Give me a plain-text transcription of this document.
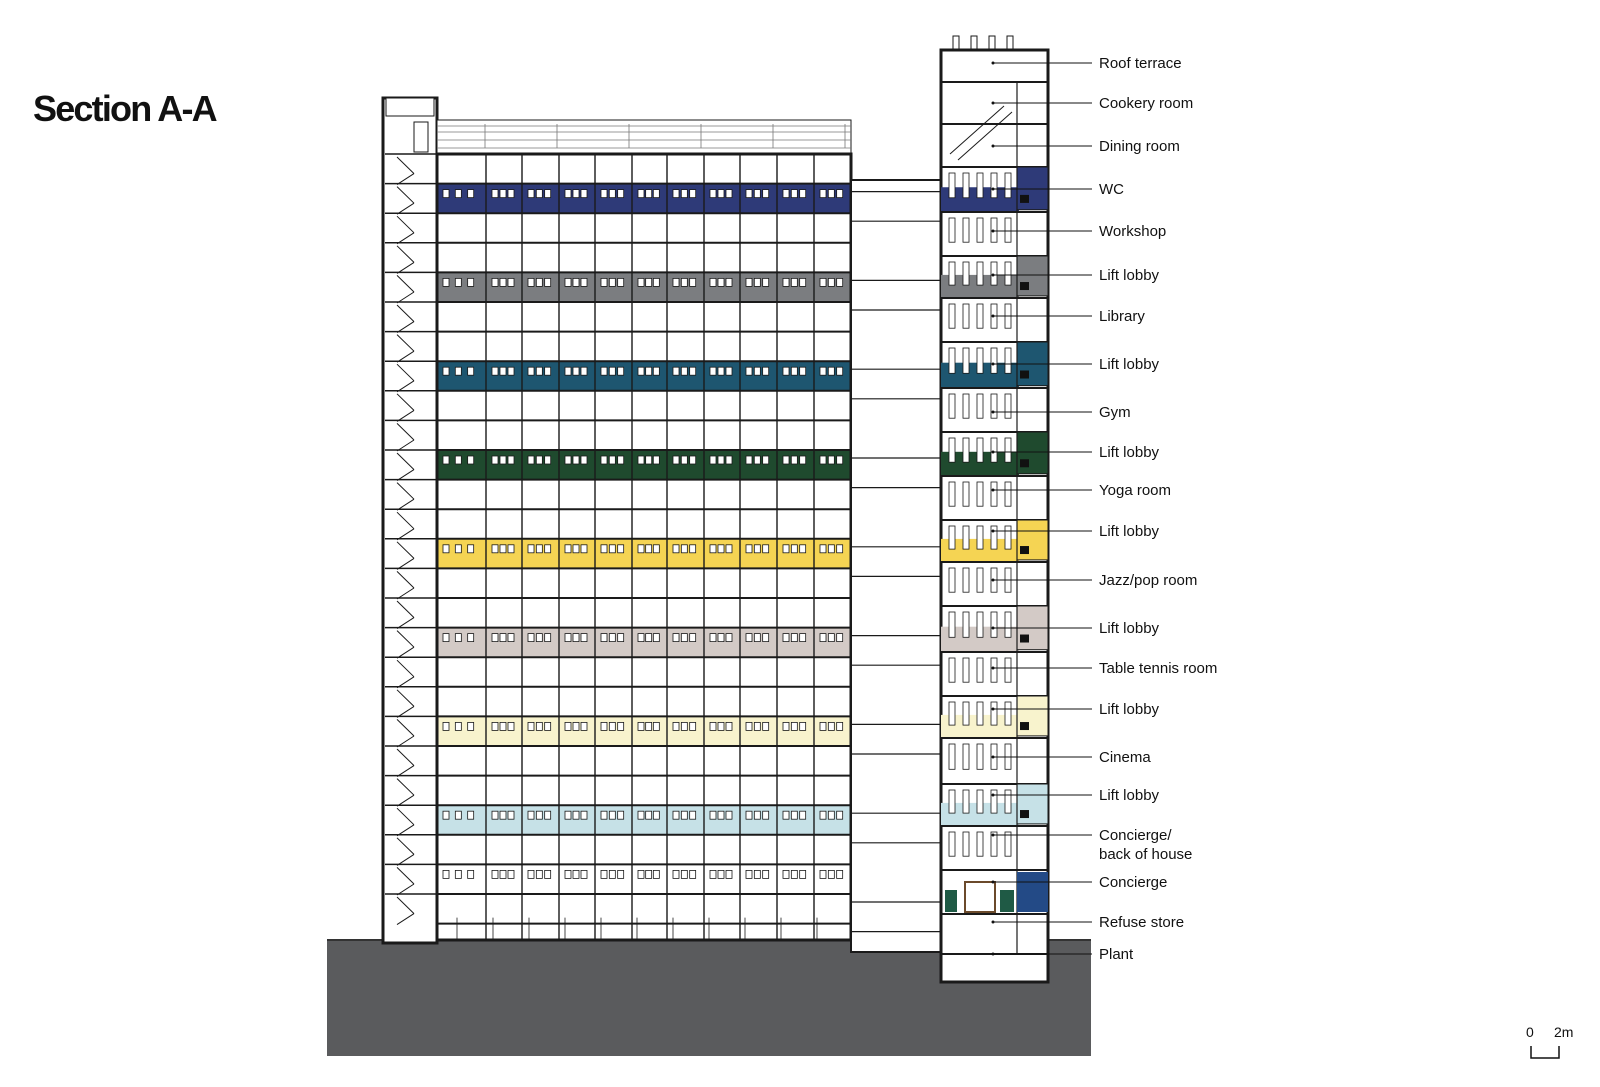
Section A-A
Roof terrace
Cookery room
Dining room
WC
Workshop
Lift lobby
Library
Lift lobby
Gym
Lift lobby
Yoga room
Lift lobby
Jazz/pop room
Lift lobby
Table tennis room
Lift lobby
Cinema
Lift lobby
Concierge/
back of house
Concierge
Refuse store
Plant
0 2m
